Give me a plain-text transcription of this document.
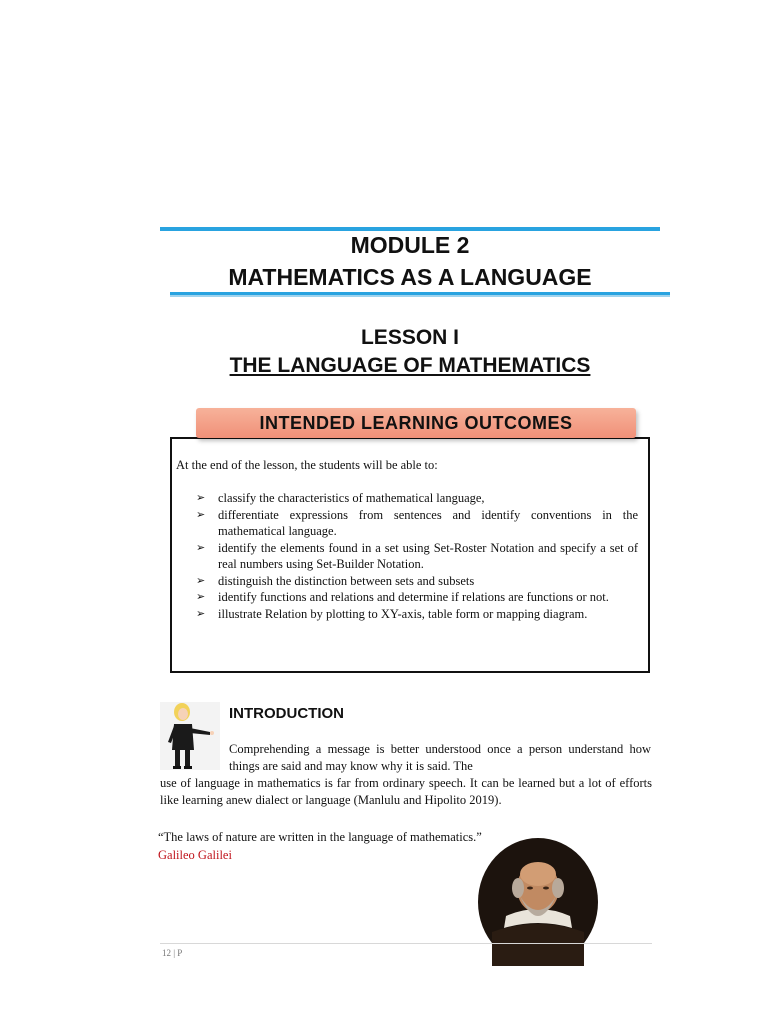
MODULE 2
MATHEMATICS AS A LANGUAGE
LESSON I
THE LANGUAGE OF MATHEMATICS
INTENDED LEARNING OUTCOMES
At the end of the lesson, the students will be able to:
➢ classify the characteristics of mathematical language,
➢ differentiate expressions from sentences and identify conventions in the mathematical language.
➢ identify the elements found in a set using Set-Roster Notation and specify a set of real numbers using Set-Builder Notation.
➢ distinguish the distinction between sets and subsets
➢ identify functions and relations and determine if relations are functions or not.
➢ illustrate Relation by plotting to XY-axis, table form or mapping diagram.
INTRODUCTION
Comprehending a message is better understood once a person understand how things are said and may know why it is said. The
use of language in mathematics is far from ordinary speech. It can be learned but a lot of efforts like learning anew dialect or language (Manlulu and Hipolito 2019).
“The laws of nature are written in the language of mathematics.”
Galileo Galilei
12 | P
